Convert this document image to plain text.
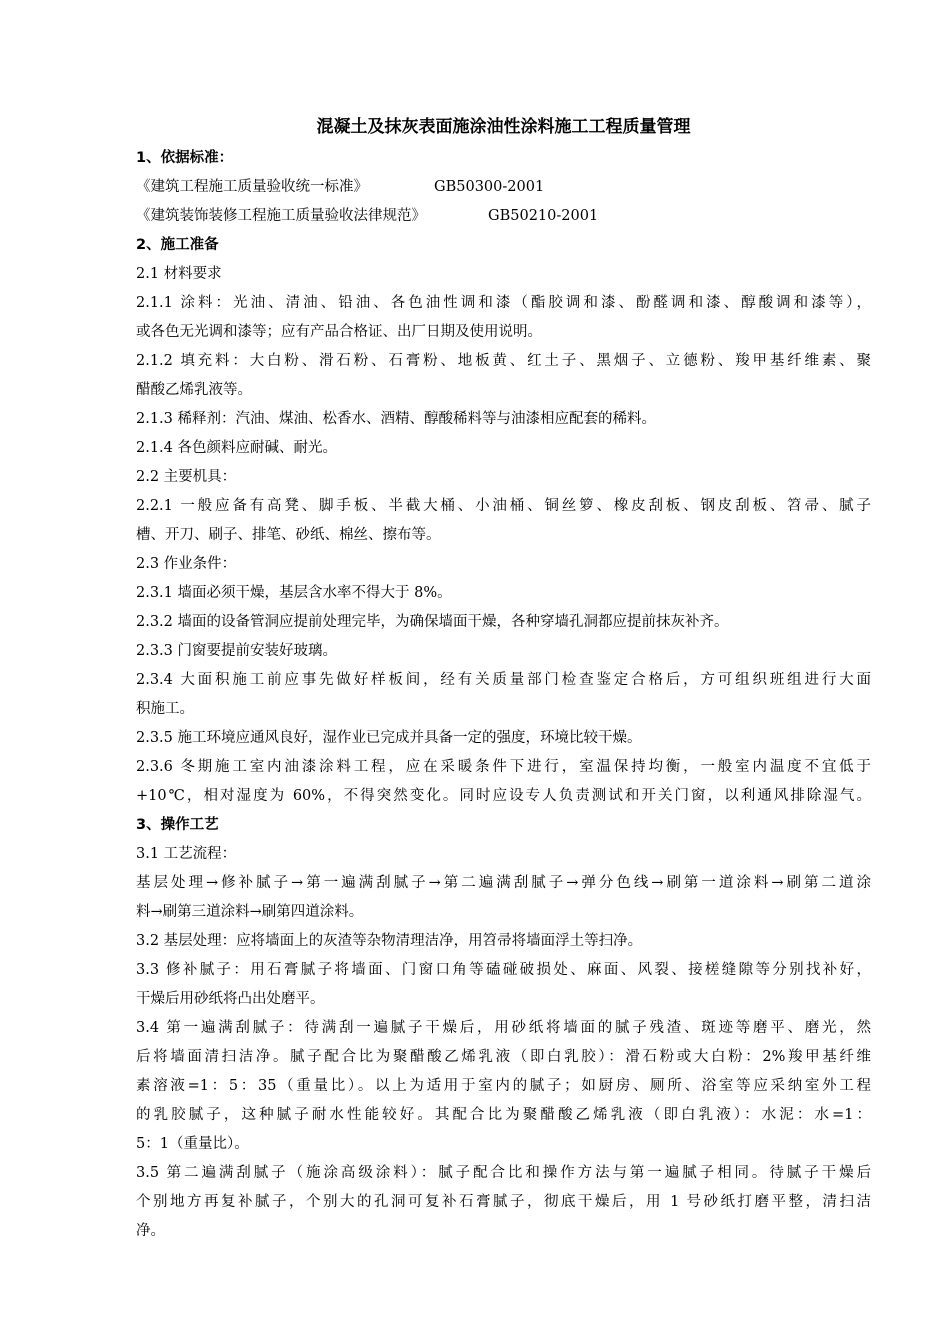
混凝土及抹灰表面施涂油性涂料施工工程质量管理
1、依据标准：
《建筑工程施工质量验收统一标准》	GB50300-2001
《建筑装饰装修工程施工质量验收法律规范》	GB50210-2001
2、施工准备
2.1 材料要求
2.1.1 涂料：光油、清油、铅油、各色油性调和漆（酯胶调和漆、酚醛调和漆、醇酸调和漆等），
或各色无光调和漆等；应有产品合格证、出厂日期及使用说明。
2.1.2 填充料：大白粉、滑石粉、石膏粉、地板黄、红土子、黑烟子、立德粉、羧甲基纤维素、聚
醋酸乙烯乳液等。
2.1.3 稀释剂：汽油、煤油、松香水、酒精、醇酸稀料等与油漆相应配套的稀料。
2.1.4 各色颜料应耐碱、耐光。
2.2 主要机具：
2.2.1 一般应备有高凳、脚手板、半截大桶、小油桶、铜丝箩、橡皮刮板、钢皮刮板、笤帚、腻子
槽、开刀、刷子、排笔、砂纸、棉丝、擦布等。
2.3 作业条件：
2.3.1 墙面必须干燥，基层含水率不得大于 8%。
2.3.2 墙面的设备管洞应提前处理完毕，为确保墙面干燥，各种穿墙孔洞都应提前抹灰补齐。
2.3.3 门窗要提前安装好玻璃。
2.3.4 大面积施工前应事先做好样板间，经有关质量部门检查鉴定合格后，方可组织班组进行大面
积施工。
2.3.5 施工环境应通风良好，湿作业已完成并具备一定的强度，环境比较干燥。
2.3.6 冬期施工室内油漆涂料工程，应在采暖条件下进行，室温保持均衡，一般室内温度不宜低于
+10℃，相对湿度为 60%，不得突然变化。同时应设专人负责测试和开关门窗，以利通风排除湿气。
3、操作工艺
3.1 工艺流程：
基层处理→修补腻子→第一遍满刮腻子→第二遍满刮腻子→弹分色线→刷第一道涂料→刷第二道涂
料→刷第三道涂料→刷第四道涂料。
3.2 基层处理：应将墙面上的灰渣等杂物清理洁净，用笤帚将墙面浮土等扫净。
3.3 修补腻子：用石膏腻子将墙面、门窗口角等磕碰破损处、麻面、风裂、接槎缝隙等分别找补好，
干燥后用砂纸将凸出处磨平。
3.4 第一遍满刮腻子：待满刮一遍腻子干燥后，用砂纸将墙面的腻子残渣、斑迹等磨平、磨光，然
后将墙面清扫洁净。腻子配合比为聚醋酸乙烯乳液（即白乳胶）：滑石粉或大白粉：2%羧甲基纤维
素溶液=1：5：35（重量比）。以上为适用于室内的腻子；如厨房、厕所、浴室等应采纳室外工程
的乳胶腻子，这种腻子耐水性能较好。其配合比为聚醋酸乙烯乳液（即白乳液）：水泥：水=1：
5：1（重量比）。
3.5 第二遍满刮腻子（施涂高级涂料）：腻子配合比和操作方法与第一遍腻子相同。待腻子干燥后
个别地方再复补腻子，个别大的孔洞可复补石膏腻子，彻底干燥后，用 1 号砂纸打磨平整，清扫洁
净。
